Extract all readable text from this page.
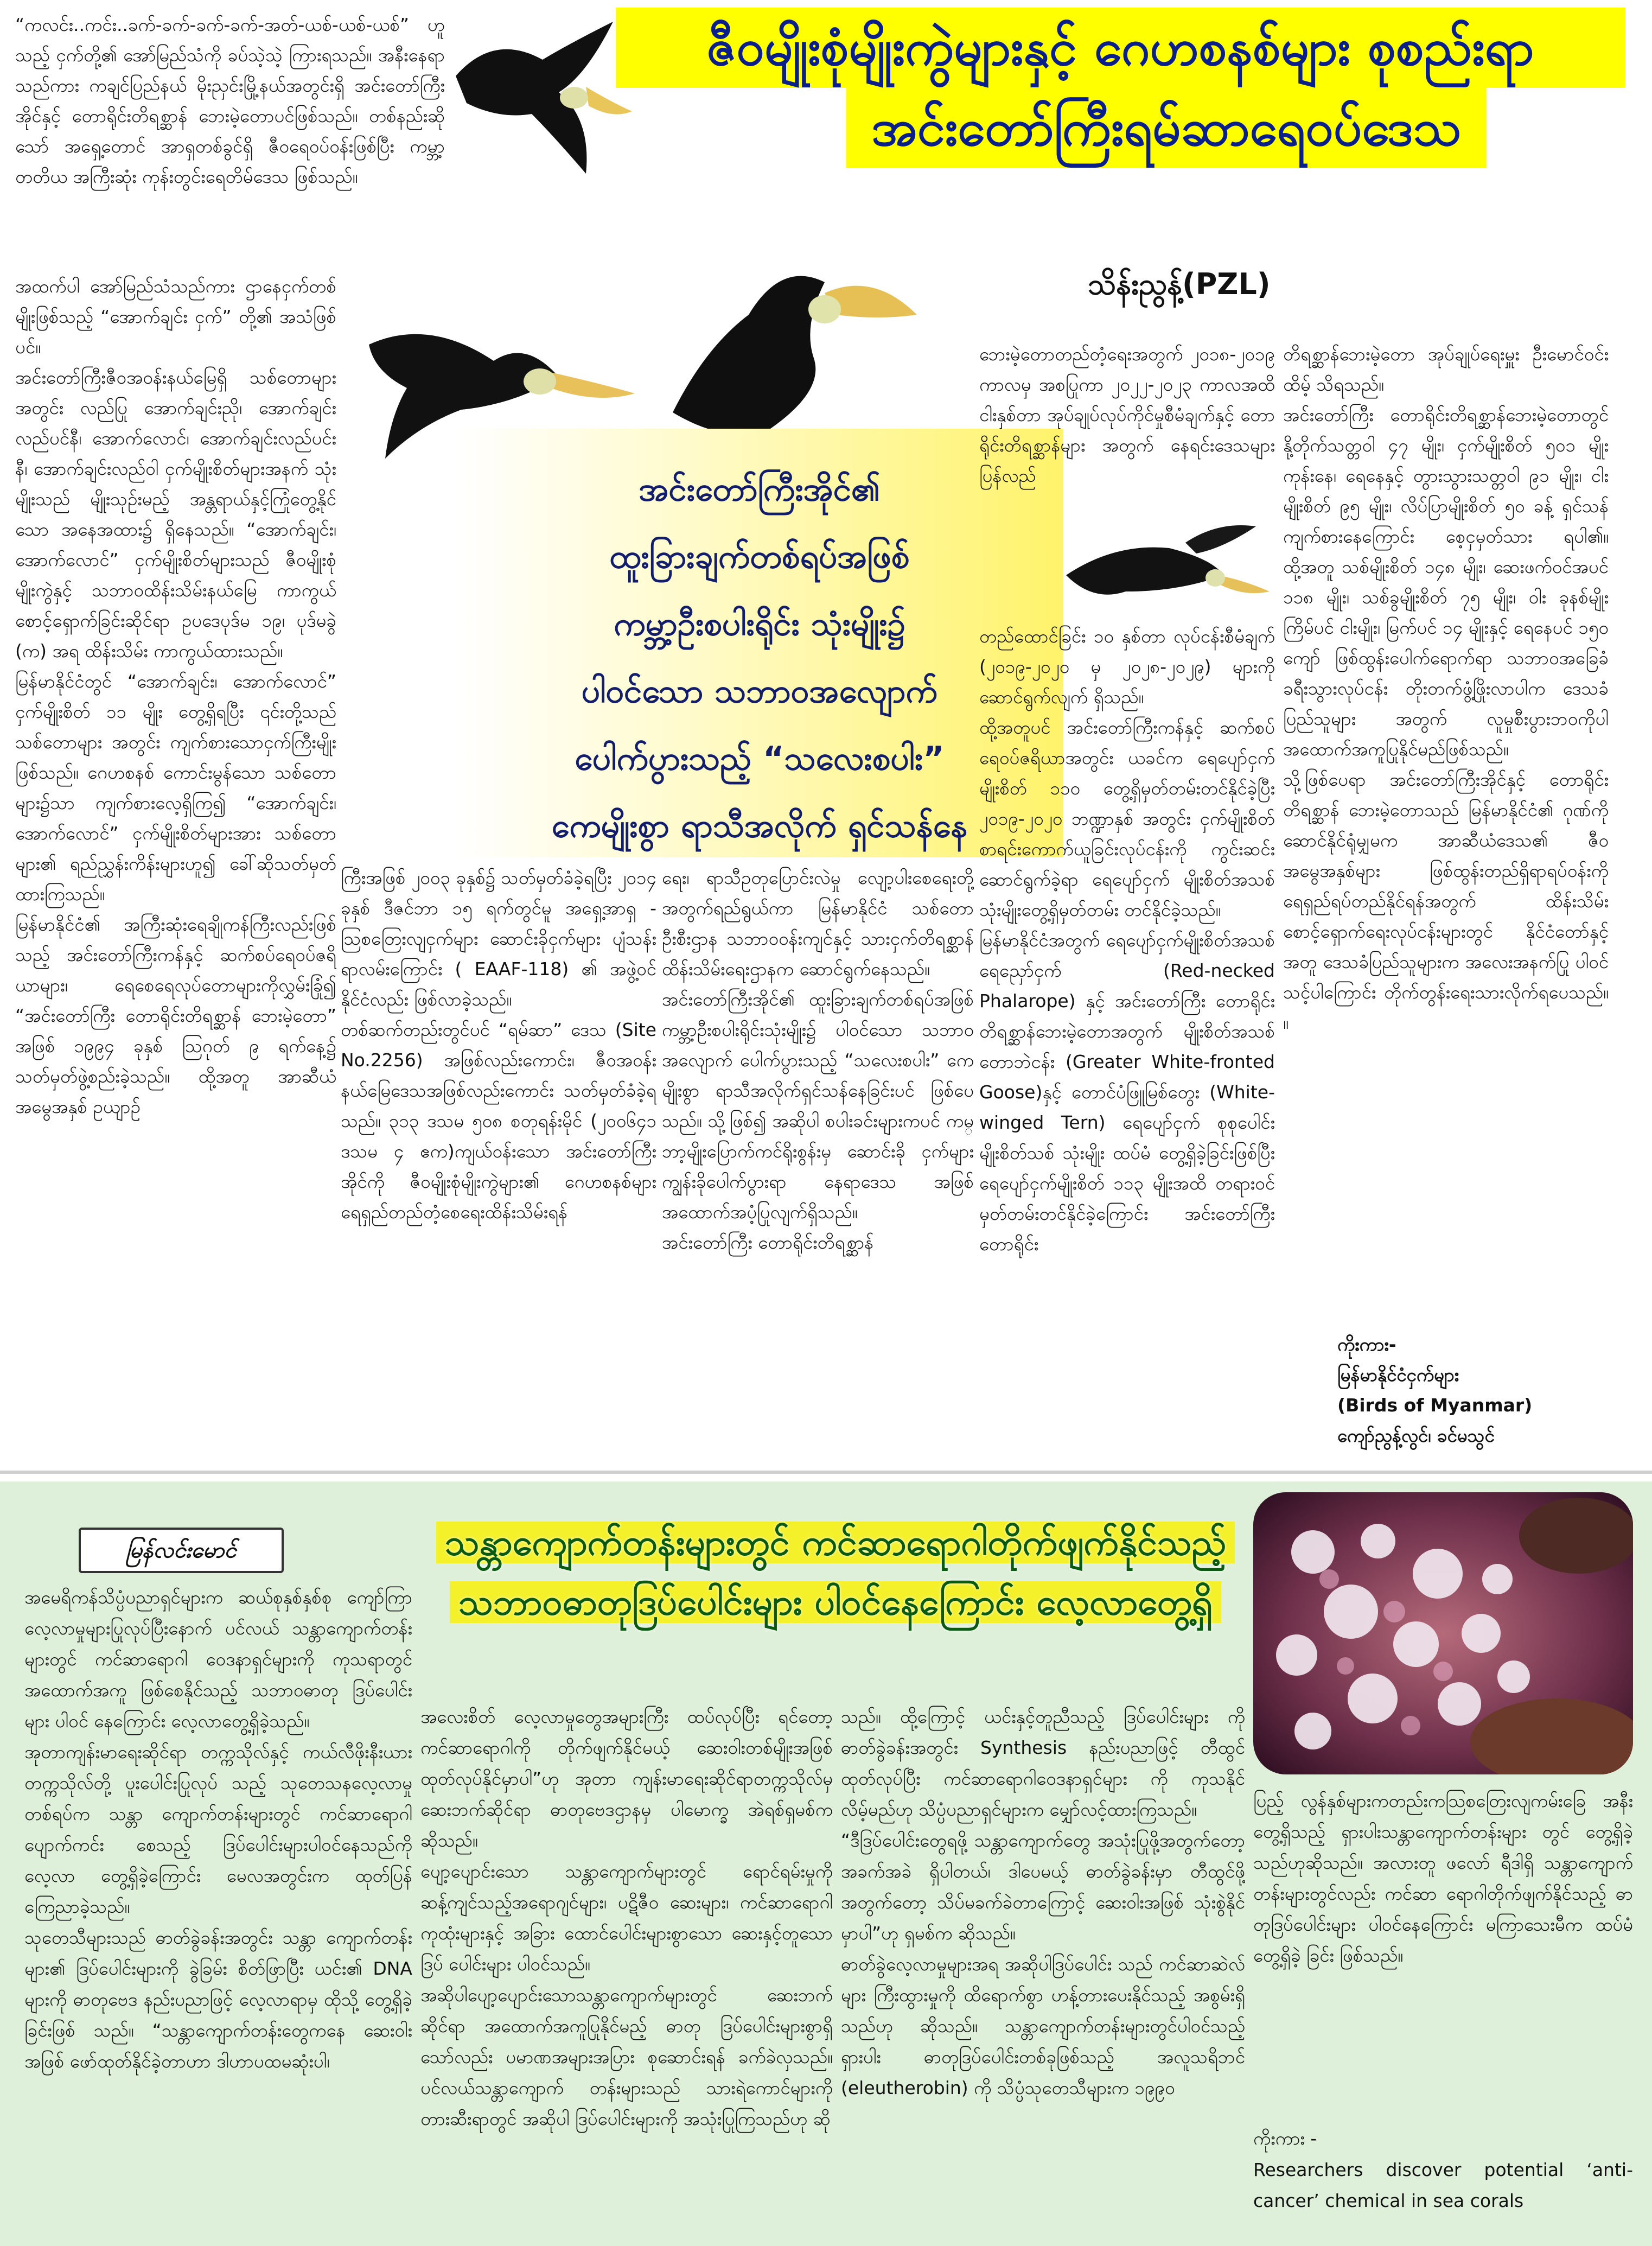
ဇီဝမျိုးစုံမျိုးကွဲများနှင့် ဂေဟစနစ်များ စုစည်းရာ
အင်းတော်ကြီးရမ်ဆာရေဝပ်ဒေသ
သိန်းညွန့်(PZL)
“ကလင်း..ကင်း..ခက်-ခက်-ခက်-ခက်-အတ်-ယစ်-ယစ်-ယစ်” ဟူသည့် ငှက်တို့၏ အော်မြည်သံကို ခပ်သဲ့သဲ့ ကြားရသည်။ အနီးနေရာသည်ကား ကချင်ပြည်နယ် မိုးညှင်းမြို့နယ်အတွင်းရှိ အင်းတော်ကြီးအိုင်နှင့် တောရိုင်းတိရစ္ဆာန် ဘေးမဲ့တောပင်ဖြစ်သည်။ တစ်နည်းဆိုသော် အရှေ့တောင် အာရှတစ်ခွင်ရှိ ဇီဝရေဝပ်ဝန်းဖြစ်ပြီး ကမ္ဘာ့တတိယ အကြီးဆုံး ကုန်းတွင်းရေတိမ်ဒေသ ဖြစ်သည်။
အင်းတော်ကြီးအိုင်၏
ထူးခြားချက်တစ်ရပ်အဖြစ်
ကမ္ဘာ့ဦးစပါးရိုင်း သုံးမျိုး၌
ပါဝင်သော သဘာဝအလျောက်
ပေါက်ပွားသည့် “သလေးစပါး”
ကေမျိုးစွာ ရာသီအလိုက် ရှင်သန်နေ
အထက်ပါ အော်မြည်သံသည်ကား ဌာနေငှက်တစ်မျိုးဖြစ်သည့် “အောက်ချင်း ငှက်” တို့၏ အသံဖြစ်ပင်။
အင်းတော်ကြီးဇီဝအဝန်းနယ်မြေရှိ သစ်တောများအတွင်း လည်ပြု အောက်ချင်းညို၊ အောက်ချင်းလည်ပင်နီ၊ အောက်လောင်၊ အောက်ချင်းလည်ပင်းနီ၊ အောက်ချင်းလည်ဝါ ငှက်မျိုးစိတ်များအနက် သုံးမျိုးသည် မျိုးသုဉ်းမည့် အန္တရာယ်နှင့်ကြုံတွေ့နိုင်သော အနေအထား၌ ရှိနေသည်။ “အောက်ချင်း၊ အောက်လောင်” ငှက်မျိုးစိတ်များသည် ဇီဝမျိုးစုံမျိုးကွဲနှင့် သဘာဝထိန်းသိမ်းနယ်မြေ ကာကွယ်စောင့်ရှောက်ခြင်းဆိုင်ရာ ဥပဒေပုဒ်မ ၁၉၊ ပုဒ်မခွဲ (က) အရ ထိန်းသိမ်း ကာကွယ်ထားသည်။
မြန်မာနိုင်ငံတွင် “အောက်ချင်း၊ အောက်လောင်” ငှက်မျိုးစိတ် ၁၁ မျိုး တွေ့ရှိရပြီး ၎င်းတို့သည် သစ်တောများ အတွင်း ကျက်စားသောငှက်ကြီးမျိုး ဖြစ်သည်။ ဂေဟစနစ် ကောင်းမွန်သော သစ်တောများ၌သာ ကျက်စားလေ့ရှိကြ၍ “အောက်ချင်း၊ အောက်လောင်” ငှက်မျိုးစိတ်များအား သစ်တောများ၏ ရည်ညွှန်းကိန်းများဟူ၍ ခေါ်ဆိုသတ်မှတ်ထားကြသည်။
မြန်မာနိုင်ငံ၏ အကြီးဆုံးရေချိုကန်ကြီးလည်းဖြစ်သည့် အင်းတော်ကြီးကန်နှင့် ဆက်စပ်ရေဝပ်ဇရိယာများ၊ ရေစေရေလုပ်တောများကိုလွှမ်းခြုံ၍ “အင်းတော်ကြီး တောရိုင်းတိရစ္ဆာန် ဘေးမဲ့တော” အဖြစ် ၁၉၉၄ ခုနှစ် ဩဂုတ် ၉ ရက်နေ့၌ သတ်မှတ်ဖွဲ့စည်းခဲ့သည်။ ထို့အတူ အာဆီယံအမွေအနှစ် ဥယျာဉ်
ကြီးအဖြစ် ၂၀၀၃ ခုနှစ်၌ သတ်မှတ်ခံခဲ့ရပြီး ၂၀၁၄ ခုနှစ် ဒီဇင်ဘာ ၁၅ ရက်တွင်မူ အရှေ့အာရှ - ဩစတြေးလျငှက်များ ဆောင်းခိုငှက်များ ပျံသန်းရာလမ်းကြောင်း ( EAAF-118) ၏ အဖွဲ့ဝင်နိုင်ငံလည်း ဖြစ်လာခဲ့သည်။
တစ်ဆက်တည်းတွင်ပင် “ရမ်ဆာ” ဒေသ (Site No.2256) အဖြစ်လည်းကောင်း၊ ဇီဝအဝန်း နယ်မြေဒေသအဖြစ်လည်းကောင်း သတ်မှတ်ခံခဲ့ရသည်။ ၃၁၃ ဒသမ ၅၀၈ စတုရန်းမိုင် (၂၀၀၆၄၁ ဒသမ ၄ ဧက)ကျယ်ဝန်းသော အင်းတော်ကြီး အိုင်ကို ဇီဝမျိုးစုံမျိုးကွဲများ၏ ဂေဟစနစ်များ ရေရှည်တည်တံ့စေရေးထိန်းသိမ်းရန်
ရေး၊ ရာသီဥတုပြောင်းလဲမှု လျော့ပါးစေရေးတို့အတွက်ရည်ရွယ်ကာ မြန်မာနိုင်ငံ သစ်တောဦးစီးဌာန သဘာဝဝန်းကျင်နှင့် သားငှက်တိရစ္ဆာန် ထိန်းသိမ်းရေးဌာနက ဆောင်ရွက်နေသည်။
အင်းတော်ကြီးအိုင်၏ ထူးခြားချက်တစ်ရပ်အဖြစ် ကမ္ဘာ့ဦးစပါးရိုင်းသုံးမျိုး၌ ပါဝင်သော သဘာဝအလျောက် ပေါက်ပွားသည့် “သလေးစပါး” ကေမျိုးစွာ ရာသီအလိုက်ရှင်သန်နေခြင်းပင် ဖြစ်ပေသည်။ သို့ဖြစ်၍ အဆိုပါ စပါးခင်းများကပင် ကမ္ဘာ့မျိုးပြောက်ကင်ရိုးစွန်းမှ ဆောင်းခို ငှက်များ ကျွန်းခိုပေါက်ပွားရာ နေရာဒေသ အဖြစ် အထောက်အပံ့ပြုလျက်ရှိသည်။
အင်းတော်ကြီး တောရိုင်းတိရစ္ဆာန်
ဘေးမဲ့တောတည်တံ့ရေးအတွက် ၂၀၁၈-၂၀၁၉ ကာလမှ အစပြုကာ ၂၀၂၂-၂၀၂၃ ကာလအထိ ငါးနှစ်တာ အုပ်ချုပ်လုပ်ကိုင်မှုစီမံချက်နှင့် တောရိုင်းတိရစ္ဆာန်များ အတွက် နေရင်းဒေသများ ပြန်လည်
တည်ထောင်ခြင်း ၁၀ နှစ်တာ လုပ်ငန်းစီမံချက် (၂၀၁၉-၂၀၂၀ မှ ၂၀၂၈-၂၀၂၉) များကို ဆောင်ရွက်လျက် ရှိသည်။
ထို့အတူပင် အင်းတော်ကြီးကန်နှင့် ဆက်စပ်ရေဝပ်ဇရိယာအတွင်း ယခင်က ရေပျော်ငှက်မျိုးစိတ် ၁၁၀ တွေ့ရှိမှတ်တမ်းတင်နိုင်ခဲ့ပြီး ၂၀၁၉-၂၀၂၀ ဘဏ္ဍာနှစ် အတွင်း ငှက်မျိုးစိတ် စာရင်းကောက်ယူခြင်းလုပ်ငန်းကို ကွင်းဆင်းဆောင်ရွက်ခဲ့ရာ ရေပျော်ငှက် မျိုးစိတ်အသစ် သုံးမျိုးတွေ့ရှိမှတ်တမ်း တင်နိုင်ခဲ့သည်။
မြန်မာနိုင်ငံအတွက် ရေပျော်ငှက်မျိုးစိတ်အသစ် ရေညှော်ငှက် (Red-necked Phalarope) နှင့် အင်းတော်ကြီး တောရိုင်းတိရစ္ဆာန်ဘေးမဲ့တောအတွက် မျိုးစိတ်အသစ် တောဘဲငန်း (Greater White-fronted Goose)နှင့် တောင်ပံဖြူမြစ်တွေး (White-winged Tern) ရေပျော်ငှက် စုစုပေါင်း မျိုးစိတ်သစ် သုံးမျိုး ထပ်မံ တွေ့ရှိခဲ့ခြင်းဖြစ်ပြီး ရေပျော်ငှက်မျိုးစိတ် ၁၁၃ မျိုးအထိ တရားဝင်မှတ်တမ်းတင်နိုင်ခဲ့ကြောင်း အင်းတော်ကြီး တောရိုင်း
တိရစ္ဆာန်ဘေးမဲ့တော အုပ်ချုပ်ရေးမှူး ဦးမောင်ဝင်းထိမ့် သိရသည်။
အင်းတော်ကြီး တောရိုင်းတိရစ္ဆာန်ဘေးမဲ့တောတွင် နို့တိုက်သတ္တဝါ ၄၇ မျိုး၊ ငှက်မျိုးစိတ် ၅၀၁ မျိုး ကုန်းနေ၊ ရေနေနှင့် တွားသွားသတ္တဝါ ၉၁ မျိုး၊ ငါးမျိုးစိတ် ၉၅ မျိုး၊ လိပ်ပြာမျိုးစိတ် ၅၀ ခန့် ရှင်သန်ကျက်စားနေကြောင်း စေ့ငှမှတ်သား ရပါ၏။ ထို့အတူ သစ်မျိုးစိတ် ၁၄၈ မျိုး၊ ဆေးဖက်ဝင်အပင် ၁၁၈ မျိုး၊ သစ်ခွမျိုးစိတ် ၇၅ မျိုး၊ ဝါး ခုနစ်မျိုးကြိမ်ပင် ငါးမျိုး၊ မြက်ပင် ၁၄ မျိုးနှင့် ရေနေပင် ၁၅၀ ကျော် ဖြစ်ထွန်းပေါက်ရောက်ရာ သဘာဝအခြေခံခရီးသွားလုပ်ငန်း တိုးတက်ဖွံ့ဖြိုးလာပါက ဒေသခံပြည်သူများ အတွက် လူမှုစီးပွားဘဝကိုပါ အထောက်အကူပြုနိုင်မည်ဖြစ်သည်။
သို့ဖြစ်ပေရာ အင်းတော်ကြီးအိုင်နှင့် တောရိုင်းတိရစ္ဆာန် ဘေးမဲ့တောသည် မြန်မာနိုင်ငံ၏ ဂုဏ်ကို ဆောင်နိုင်ရုံမျှမက အာဆီယံဒေသ၏ ဇီဝအမွေအနှစ်များ ဖြစ်ထွန်းတည်ရှိရာရပ်ဝန်းကို ရေရှည်ရပ်တည်နိုင်ရန်အတွက် ထိန်းသိမ်းစောင့်ရှောက်ရေးလုပ်ငန်းများတွင် နိုင်ငံတော်နှင့်အတူ ဒေသခံပြည်သူများက အလေးအနက်ပြု ပါဝင်သင့်ပါကြောင်း တိုက်တွန်းရေးသားလိုက်ရပေသည်။ ။
ကိုးကား-
မြန်မာနိုင်ငံငှက်များ
(Birds of Myanmar)
ကျော်ညွန့်လွင်၊ ခင်မသွင်
မြန်လင်းမောင်	သန္တာကျောက်တန်းများတွင် ကင်ဆာရောဂါတိုက်ဖျက်နိုင်သည့်
သဘာဝဓာတုဒြပ်ပေါင်းများ ပါဝင်နေကြောင်း လေ့လာတွေ့ရှိ
အမေရိကန်သိပ္ပံပညာရှင်များက ဆယ်စုနှစ်နှစ်စု ကျော်ကြာလေ့လာမှုများပြုလုပ်ပြီးနောက် ပင်လယ် သန္တာကျောက်တန်းများတွင် ကင်ဆာရောဂါ ဝေဒနာရှင်များကို ကုသရာတွင် အထောက်အကူ ဖြစ်စေနိုင်သည့် သဘာဝဓာတု ဒြပ်ပေါင်းများ ပါဝင် နေကြောင်း လေ့လာတွေ့ရှိခဲ့သည်။
အုတာကျန်းမာရေးဆိုင်ရာ တက္ကသိုလ်နှင့် ကယ်လီဖိုးနီးယားတက္ကသိုလ်တို့ ပူးပေါင်းပြုလုပ် သည့် သုတေသနလေ့လာမှုတစ်ရပ်က သန္တာ ကျောက်တန်းများတွင် ကင်ဆာရောဂါပျောက်ကင်း စေသည့် ဒြပ်ပေါင်းများပါဝင်နေသည်ကို လေ့လာ တွေ့ရှိခဲ့ကြောင်း မေလအတွင်းက ထုတ်ပြန် ကြေညာခဲ့သည်။
သုတေသီများသည် ဓာတ်ခွဲခန်းအတွင်း သန္တာ ကျောက်တန်းများ၏ ဒြပ်ပေါင်းများကို ခွဲခြမ်း စိတ်ဖြာပြီး ယင်း၏ DNA များကို ဓာတုဗေဒ နည်းပညာဖြင့် လေ့လာရာမှ ထိုသို့ တွေ့ရှိခဲ့ခြင်းဖြစ် သည်။ “သန္တာကျောက်တန်းတွေကနေ ဆေးဝါး အဖြစ် ဖော်ထုတ်နိုင်ခဲ့တာဟာ ဒါဟာပထမဆုံးပါ၊
အလေးစိတ် လေ့လာမှုတွေအများကြီး ထပ်လုပ်ပြီး ရင်တော့ ကင်ဆာရောဂါကို တိုက်ဖျက်နိုင်မယ့် ဆေးဝါးတစ်မျိုးအဖြစ် ထုတ်လုပ်နိုင်မှာပါ”ဟု အုတာ ကျန်းမာရေးဆိုင်ရာတက္ကသိုလ်မှ ဆေးဘက်ဆိုင်ရာ ဓာတုဗေဒဌာနမှ ပါမောက္ခ အဲရစ်ရှမစ်က ဆိုသည်။
ပျော့ပျောင်းသော သန္တာကျောက်များတွင် ရောင်ရမ်းမှုကို ဆန့်ကျင်သည့်အရောဂျင်များ၊ ပဋိဇီဝ ဆေးများ၊ ကင်ဆာရောဂါကုထုံးများနှင့် အခြား ထောင်ပေါင်းများစွာသော ဆေးနှင့်တူသော ဒြပ် ပေါင်းများ ပါဝင်သည်။
အဆိုပါပျော့ပျောင်းသောသန္တာကျောက်များတွင် ဆေးဘက်ဆိုင်ရာ အထောက်အကူပြုနိုင်မည့် ဓာတု ဒြပ်ပေါင်းများစွာရှိသော်လည်း ပမာဏအများအပြား စုဆောင်းရန် ခက်ခဲလှသည်။ ပင်လယ်သန္တာကျောက် တန်းများသည် သားရဲကောင်များကို တားဆီးရာတွင် အဆိုပါ ဒြပ်ပေါင်းများကို အသုံးပြုကြသည်ဟု ဆို
သည်။ ထို့ကြောင့် ယင်းနှင့်တူညီသည့် ဒြပ်ပေါင်းများ ကို ဓာတ်ခွဲခန်းအတွင်း Synthesis နည်းပညာဖြင့် တီထွင်ထုတ်လုပ်ပြီး ကင်ဆာရောဂါဝေဒနာရှင်များ ကို ကုသနိုင်လိမ့်မည်ဟု သိပ္ပံပညာရှင်များက မျှော်လင့်ထားကြသည်။
“ဒီဒြပ်ပေါင်းတွေရဖို့ သန္တာကျောက်တွေ အသုံးပြုဖို့အတွက်တော့ အခက်အခဲ ရှိပါတယ်၊ ဒါပေမယ့် ဓာတ်ခွဲခန်းမှာ တီထွင်ဖို့အတွက်တော့ သိပ်မခက်ခဲတာကြောင့် ဆေးဝါးအဖြစ် သုံးစွဲနိုင် မှာပါ”ဟု ရှမစ်က ဆိုသည်။
ဓာတ်ခွဲလေ့လာမှုများအရ အဆိုပါဒြပ်ပေါင်း သည် ကင်ဆာဆဲလ်များ ကြီးထွားမှုကို ထိရောက်စွာ ဟန့်တားပေးနိုင်သည့် အစွမ်းရှိသည်ဟု ဆိုသည်။ သန္တာကျောက်တန်းများတွင်ပါဝင်သည့် ရှားပါး ဓာတုဒြပ်ပေါင်းတစ်ခုဖြစ်သည့် အလူသရိဘင် (eleutherobin) ကို သိပ္ပံသုတေသီများက ၁၉၉၀
ပြည့် လွန်နှစ်များကတည်းကဩစတြေးလျကမ်းခြေ အနီး တွေ့ရှိသည့် ရှားပါးသန္တာကျောက်တန်းများ တွင် တွေ့ရှိခဲ့သည်ဟုဆိုသည်။ အလားတူ ဖလော် ရီဒါရှိ သန္တာကျောက်တန်းများတွင်လည်း ကင်ဆာ ရောဂါတိုက်ဖျက်နိုင်သည့် ဓာတုဒြပ်ပေါင်းများ ပါဝင်နေကြောင်း မကြာသေးမီက ထပ်မံတွေ့ရှိခဲ့ ခြင်း ဖြစ်သည်။
ကိုးကား -
Researchers discover potential ‘anti-cancer’ chemical in sea corals
